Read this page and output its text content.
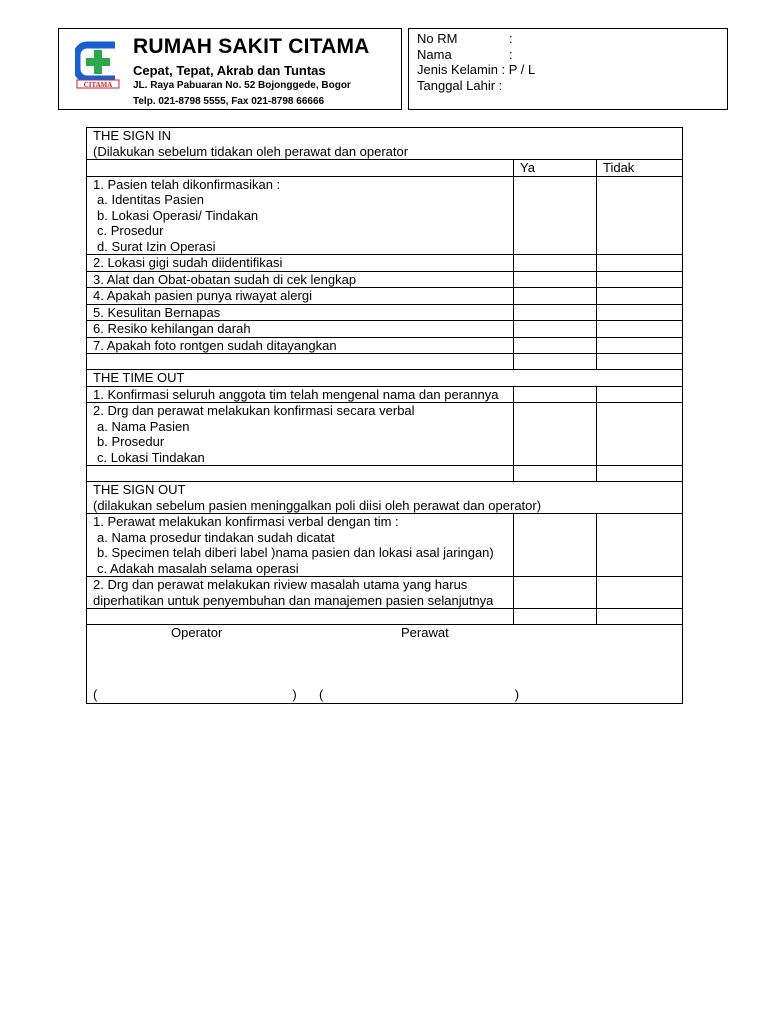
CITAMA
RUMAH SAKIT CITAMA
Cepat, Tepat, Akrab dan Tuntas
JL. Raya Pabuaran No. 52 Bojonggede, Bogor
Telp. 021-8798 5555, Fax 021-8798 66666
No RM	:
Nama	:
Jenis Kelamin : P / L
Tanggal Lahir :
THE SIGN IN
(Dilakukan sebelum tidakan oleh perawat dan operator		
	Ya	Tidak
1. Pasien telah dikonfirmasikan :
a. Identitas Pasien
b. Lokasi Operasi/ Tindakan
c. Prosedur
d. Surat Izin Operasi		

2. Lokasi gigi sudah diidentifikasi		
3. Alat dan Obat-obatan sudah di cek lengkap		
4. Apakah pasien punya riwayat alergi		
5. Kesulitan Bernapas		
6. Resiko kehilangan darah		
7. Apakah foto rontgen sudah ditayangkan		

THE TIME OUT		
1. Konfirmasi seluruh anggota tim telah mengenal nama dan perannya		
2. Drg dan perawat melakukan konfirmasi secara verbal
a. Nama Pasien
b. Prosedur
c. Lokasi Tindakan		

THE SIGN OUT
(dilakukan sebelum pasien meninggalkan poli diisi oleh perawat dan operator)		
1. Perawat melakukan konfirmasi verbal dengan tim :
a. Nama prosedur tindakan sudah dicatat
b. Specimen telah diberi label )nama pasien dan lokasi asal jaringan)
c. Adakah masalah selama operasi		

2. Drg dan perawat melakukan riview masalah utama yang harus diperhatikan untuk penyembuhan dan manajemen pasien selanjutnya		

Operator Perawat
(                                                      ) (                                                     )		
